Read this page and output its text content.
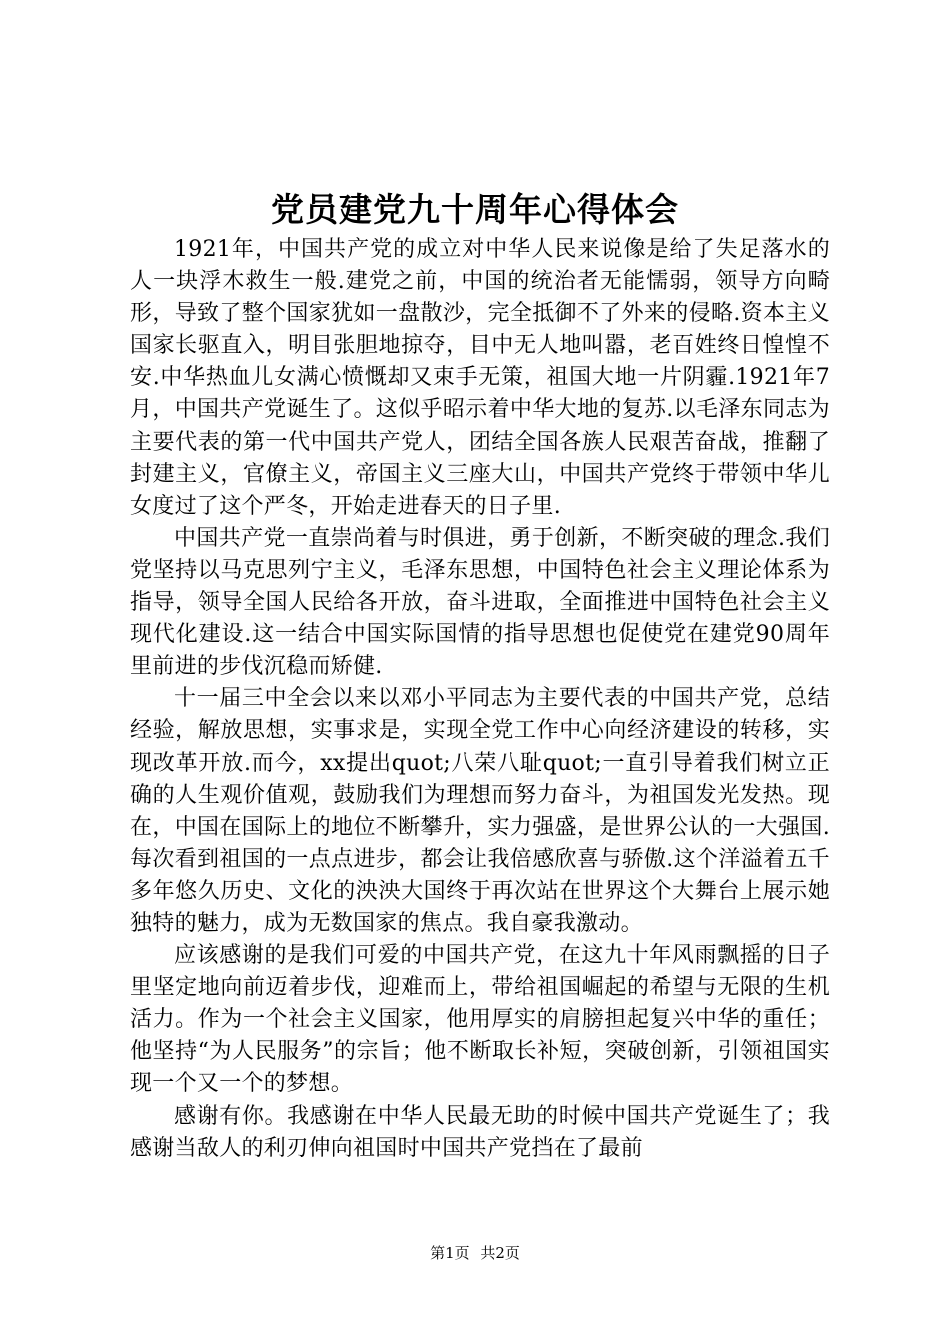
党员建党九十周年心得体会

1921年，中国共产党的成立对中华人民来说像是给了失足落水的人一块浮木救生一般.建党之前，中国的统治者无能懦弱，领导方向畸形，导致了整个国家犹如一盘散沙，完全抵御不了外来的侵略.资本主义国家长驱直入，明目张胆地掠夺，目中无人地叫嚣，老百姓终日惶惶不安.中华热血儿女满心愤慨却又束手无策，祖国大地一片阴霾.1921年7月，中国共产党诞生了。这似乎昭示着中华大地的复苏.以毛泽东同志为主要代表的第一代中国共产党人，团结全国各族人民艰苦奋战，推翻了封建主义，官僚主义，帝国主义三座大山，中国共产党终于带领中华儿女度过了这个严冬，开始走进春天的日子里.

中国共产党一直崇尚着与时俱进，勇于创新，不断突破的理念.我们党坚持以马克思列宁主义，毛泽东思想，中国特色社会主义理论体系为指导，领导全国人民给各开放，奋斗进取，全面推进中国特色社会主义现代化建设.这一结合中国实际国情的指导思想也促使党在建党90周年里前进的步伐沉稳而矫健.

十一届三中全会以来以邓小平同志为主要代表的中国共产党，总结经验，解放思想，实事求是，实现全党工作中心向经济建设的转移，实现改革开放.而今，xx提出quot;八荣八耻quot;一直引导着我们树立正确的人生观价值观，鼓励我们为理想而努力奋斗，为祖国发光发热。现在，中国在国际上的地位不断攀升，实力强盛，是世界公认的一大强国.每次看到祖国的一点点进步，都会让我倍感欣喜与骄傲.这个洋溢着五千多年悠久历史、文化的泱泱大国终于再次站在世界这个大舞台上展示她独特的魅力，成为无数国家的焦点。我自豪我激动。

应该感谢的是我们可爱的中国共产党，在这九十年风雨飘摇的日子里坚定地向前迈着步伐，迎难而上，带给祖国崛起的希望与无限的生机活力。作为一个社会主义国家，他用厚实的肩膀担起复兴中华的重任；他坚持“为人民服务”的宗旨；他不断取长补短，突破创新，引领祖国实现一个又一个的梦想。

感谢有你。我感谢在中华人民最无助的时候中国共产党诞生了；我感谢当敌人的利刃伸向祖国时中国共产党挡在了最前

第1页 共2页
